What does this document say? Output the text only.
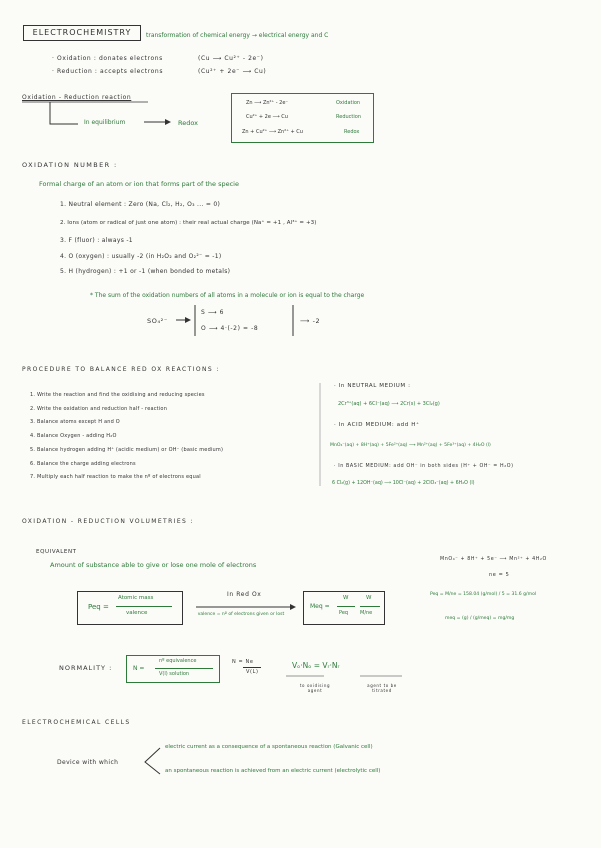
ELECTROCHEMISTRY	transformation of chemical energy → electrical energy and C
· Oxidation : donates electrons	(Cu ⟶ Cu²⁺ - 2e⁻)
· Reduction : accepts electrons	(Cu²⁺ + 2e⁻ ⟶ Cu)
Oxidation - Reduction reaction
In equilibrium	Redox
Zn ⟶ Zn²⁺ - 2e⁻	Oxidation
Cu²⁺ + 2e ⟶ Cu	Reduction
Zn + Cu²⁺ ⟶ Zn²⁺ + Cu	Redox
OXIDATION NUMBER :
Formal charge of an atom or ion that forms part of the specie
1. Neutral element : Zero (Na, Cl₂, H₂, O₃ ... = 0)
2. Ions (atom or radical of just one atom) : their real actual charge (Na⁺ = +1 , Al³⁺ = +3)
3. F (fluor) : always -1
4. O (oxygen) : usually -2 (in H₂O₂ and O₂²⁻ = -1)
5. H (hydrogen) : +1 or -1 (when bonded to metals)
* The sum of the oxidation numbers of all atoms in a molecule or ion is equal to the charge
SO₄²⁻
S ⟶ 6
O ⟶ 4·(-2) = -8
⟶ -2
PROCEDURE TO BALANCE RED OX REACTIONS :
1. Write the reaction and find the oxidising and reducing species
2. Write the oxidation and reduction half - reaction
3. Balance atoms except H and O
4. Balance Oxygen - adding H₂O
5. Balance hydrogen adding H⁺ (acidic medium) or OH⁻ (basic medium)
6. Balance the charge adding electrons
7. Multiply each half reaction to make the nº of electrons equal
· In NEUTRAL MEDIUM :
2Cr³⁺(aq) + 6Cl⁻(aq) ⟶ 2Cr(s) + 3Cl₂(g)
· In ACID MEDIUM: add H⁺
MnO₄⁻(aq) + 8H⁺(aq) + 5Fe²⁺(aq) ⟶ Mn²⁺(aq) + 5Fe³⁺(aq) + 4H₂O (l)
· In BASIC MEDIUM: add OH⁻ in both sides (H⁺ + OH⁻ = H₂O)
6 Cl₂(g) + 12OH⁻(aq) ⟶ 10Cl⁻(aq) + 2ClO₃⁻(aq) + 6H₂O (l)
OXIDATION - REDUCTION VOLUMETRIES :
EQUIVALENT
Amount of substance able to give or lose one mole of electrons
Peq =
Atomic mass
valence
In Red Ox
valence = nº of electrons given or lost
Meq =
W
Peq
W
M/ne
MnO₄⁻ + 8H⁺ + 5e⁻ ⟶ Mn²⁺ + 4H₂O
ne = 5
Peq = M/ne = 158.04 (g/mol) / 5 = 31.6 g/mol
meq = (g) / (g/meq) = mg/mg
NORMALITY :	N =
nº equivalence
V(l) solution
N = Ne
V(L)
Vₒ·Nₒ = Vᵣ·Nᵣ
to oxidising agent
agent to be titrated
ELECTROCHEMICAL CELLS
Device with which
electric current as a consequence of a spontaneous reaction (Galvanic cell)
an spontaneous reaction is achieved from an electric current (electrolytic cell)
